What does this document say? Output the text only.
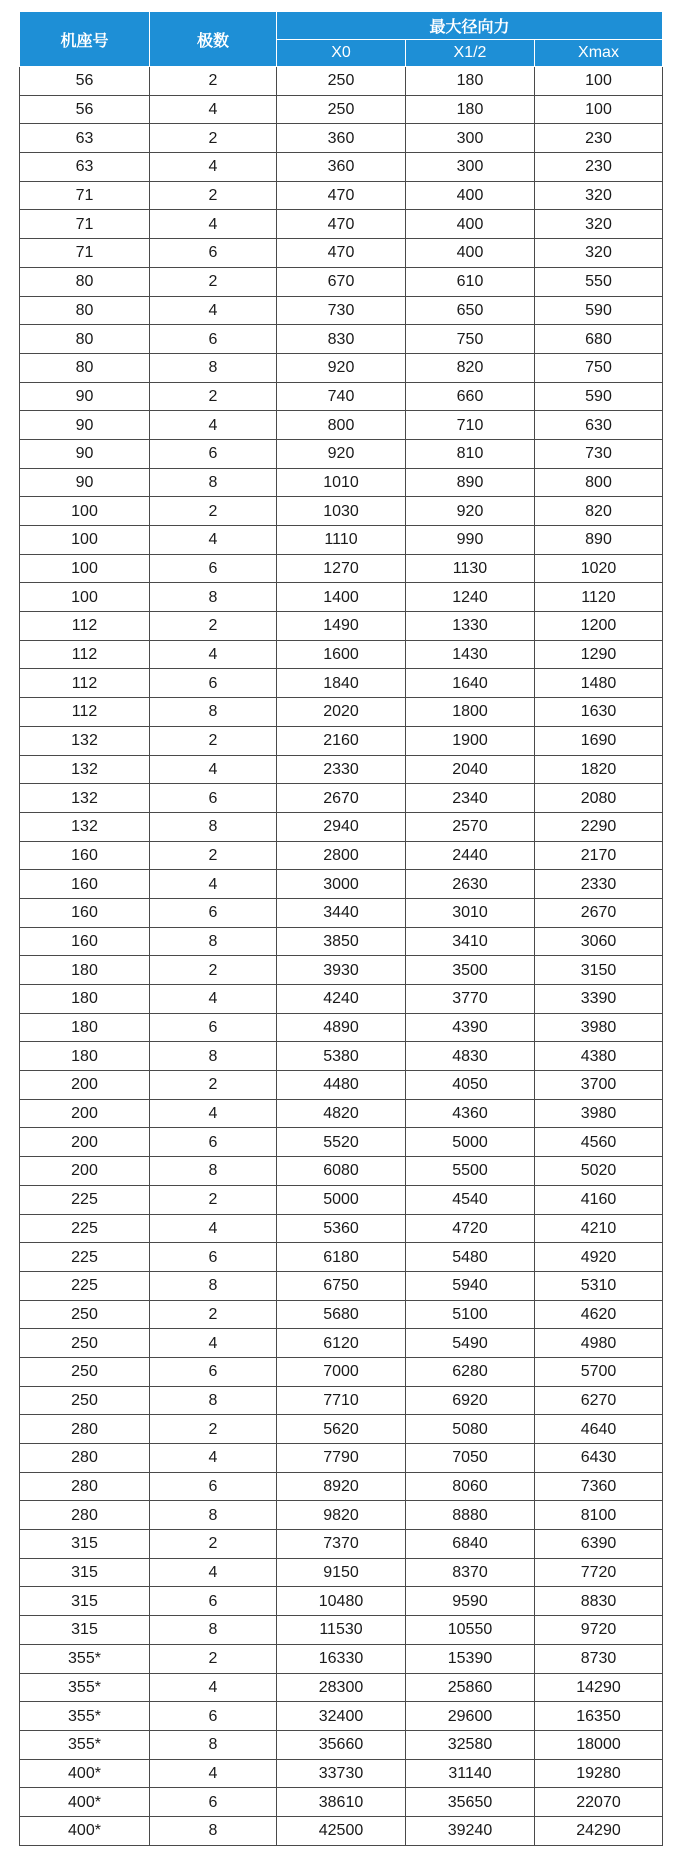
机座号	极数	最大径向力		
		X0	X1/2	Xmax
56	2	250	180	100
56	4	250	180	100
63	2	360	300	230
63	4	360	300	230
71	2	470	400	320
71	4	470	400	320
71	6	470	400	320
80	2	670	610	550
80	4	730	650	590
80	6	830	750	680
80	8	920	820	750
90	2	740	660	590
90	4	800	710	630
90	6	920	810	730
90	8	1010	890	800
100	2	1030	920	820
100	4	1110	990	890
100	6	1270	1130	1020
100	8	1400	1240	1120
112	2	1490	1330	1200
112	4	1600	1430	1290
112	6	1840	1640	1480
112	8	2020	1800	1630
132	2	2160	1900	1690
132	4	2330	2040	1820
132	6	2670	2340	2080
132	8	2940	2570	2290
160	2	2800	2440	2170
160	4	3000	2630	2330
160	6	3440	3010	2670
160	8	3850	3410	3060
180	2	3930	3500	3150
180	4	4240	3770	3390
180	6	4890	4390	3980
180	8	5380	4830	4380
200	2	4480	4050	3700
200	4	4820	4360	3980
200	6	5520	5000	4560
200	8	6080	5500	5020
225	2	5000	4540	4160
225	4	5360	4720	4210
225	6	6180	5480	4920
225	8	6750	5940	5310
250	2	5680	5100	4620
250	4	6120	5490	4980
250	6	7000	6280	5700
250	8	7710	6920	6270
280	2	5620	5080	4640
280	4	7790	7050	6430
280	6	8920	8060	7360
280	8	9820	8880	8100
315	2	7370	6840	6390
315	4	9150	8370	7720
315	6	10480	9590	8830
315	8	11530	10550	9720
355*	2	16330	15390	8730
355*	4	28300	25860	14290
355*	6	32400	29600	16350
355*	8	35660	32580	18000
400*	4	33730	31140	19280
400*	6	38610	35650	22070
400*	8	42500	39240	24290
